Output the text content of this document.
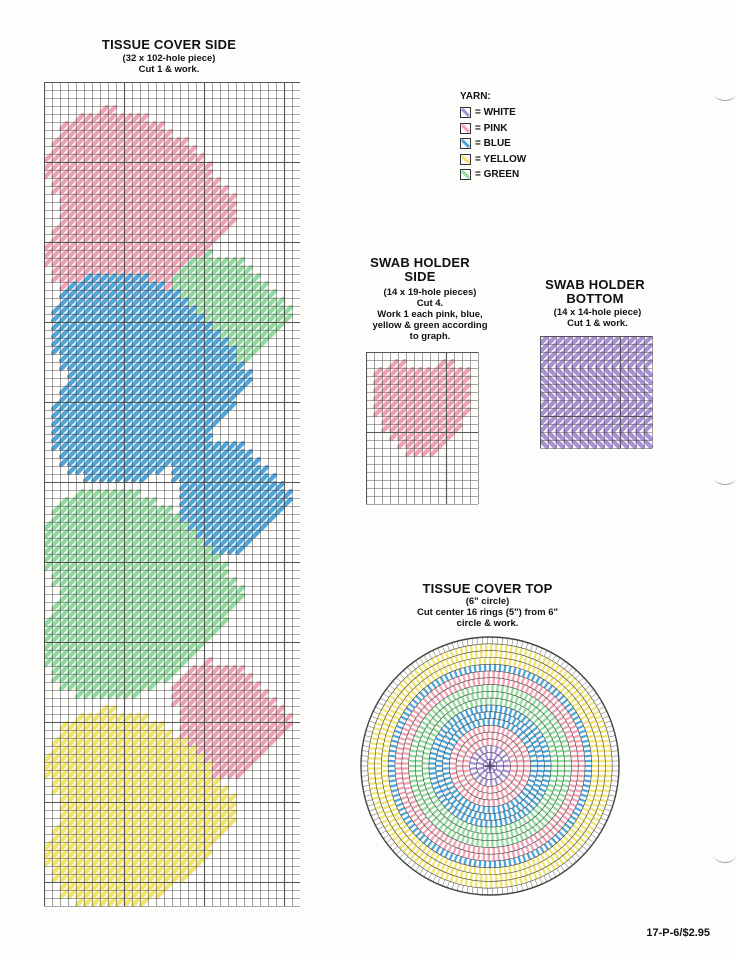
TISSUE COVER SIDE
(32 x 102-hole piece)
Cut 1 & work.
YARN:
= WHITE
= PINK
= BLUE
= YELLOW
= GREEN
SWAB HOLDER
SIDE
(14 x 19-hole pieces)
Cut 4.
Work 1 each pink, blue,
yellow & green according
to graph.
SWAB HOLDER
BOTTOM
(14 x 14-hole piece)
Cut 1 & work.
TISSUE COVER TOP
(6" circle)
Cut center 16 rings (5") from 6"
circle & work.
17-P-6/$2.95
